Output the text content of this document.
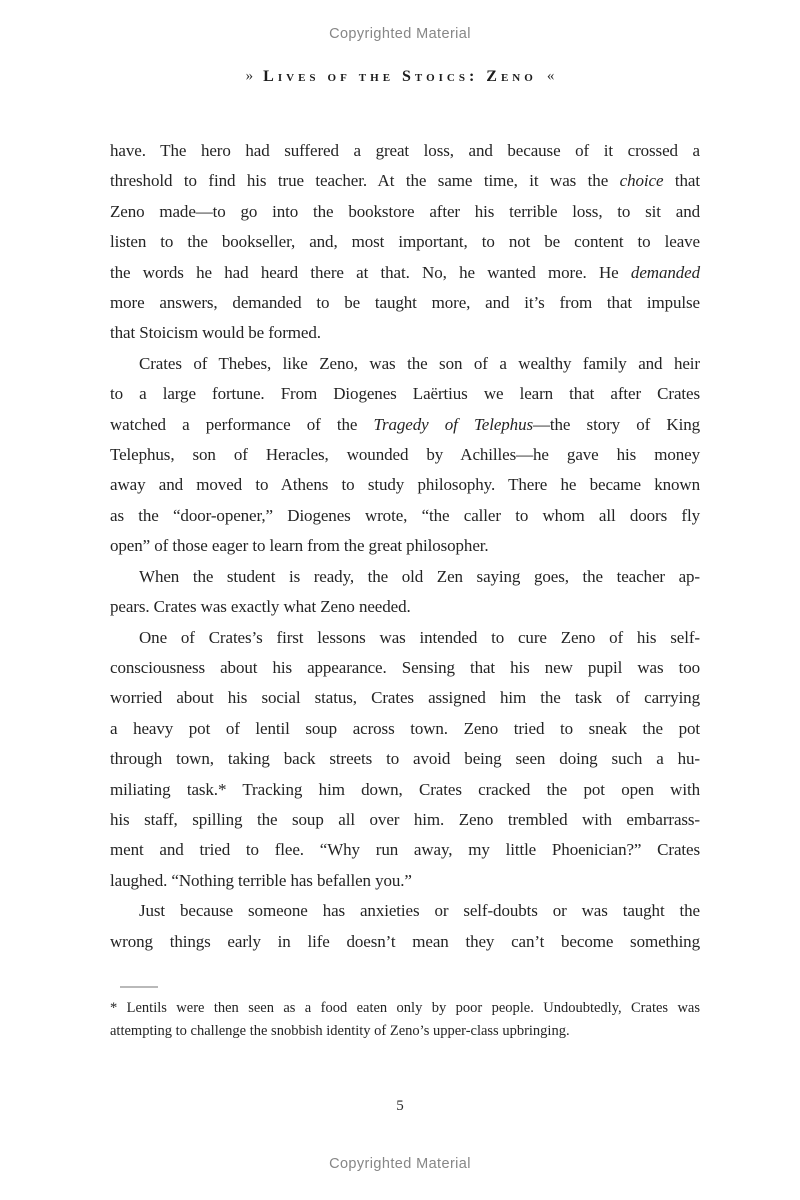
Copyrighted Material
» Lives of the Stoics: Zeno «
have. The hero had suffered a great loss, and because of it crossed a
threshold to find his true teacher. At the same time, it was the choice that
Zeno made—to go into the bookstore after his terrible loss, to sit and
listen to the bookseller, and, most important, to not be content to leave
the words he had heard there at that. No, he wanted more. He demanded
more answers, demanded to be taught more, and it’s from that impulse
that Stoicism would be formed.
Crates of Thebes, like Zeno, was the son of a wealthy family and heir
to a large fortune. From Diogenes Laërtius we learn that after Crates
watched a performance of the Tragedy of Telephus—the story of King
Telephus, son of Heracles, wounded by Achilles—he gave his money
away and moved to Athens to study philosophy. There he became known
as the “door-opener,” Diogenes wrote, “the caller to whom all doors fly
open” of those eager to learn from the great philosopher.
When the student is ready, the old Zen saying goes, the teacher ap-
pears. Crates was exactly what Zeno needed.
One of Crates’s first lessons was intended to cure Zeno of his self-
consciousness about his appearance. Sensing that his new pupil was too
worried about his social status, Crates assigned him the task of carrying
a heavy pot of lentil soup across town. Zeno tried to sneak the pot
through town, taking back streets to avoid being seen doing such a hu-
miliating task.* Tracking him down, Crates cracked the pot open with
his staff, spilling the soup all over him. Zeno trembled with embarrass-
ment and tried to flee. “Why run away, my little Phoenician?” Crates
laughed. “Nothing terrible has befallen you.”
Just because someone has anxieties or self-doubts or was taught the
wrong things early in life doesn’t mean they can’t become something
* Lentils were then seen as a food eaten only by poor people. Undoubtedly, Crates was
attempting to challenge the snobbish identity of Zeno’s upper-class upbringing.
5
Copyrighted Material
